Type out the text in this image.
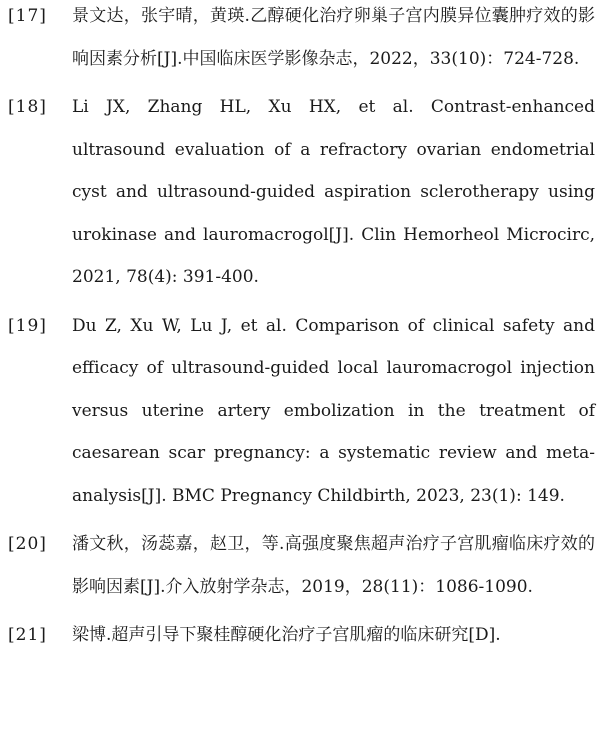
[17] 景文达，张宇晴，黄瑛.乙醇硬化治疗卵巢子宫内膜异位囊肿疗效的影响因素分析[J].中国临床医学影像杂志，2022，33(10)：724-728.
[18] Li JX, Zhang HL, Xu HX, et al. Contrast-enhanced ultrasound evaluation of a refractory ovarian endometrial cyst and ultrasound-guided aspiration sclerotherapy using urokinase and lauromacrogol[J]. Clin Hemorheol Microcirc, 2021, 78(4): 391-400.
[19] Du Z, Xu W, Lu J, et al. Comparison of clinical safety and efficacy of ultrasound-guided local lauromacrogol injection versus uterine artery embolization in the treatment of caesarean scar pregnancy: a systematic review and meta-analysis[J]. BMC Pregnancy Childbirth, 2023, 23(1): 149.
[20] 潘文秋，汤蕊嘉，赵卫，等.高强度聚焦超声治疗子宫肌瘤临床疗效的影响因素[J].介入放射学杂志，2019，28(11)：1086-1090.
[21] 梁博.超声引导下聚桂醇硬化治疗子宫肌瘤的临床研究[D].
